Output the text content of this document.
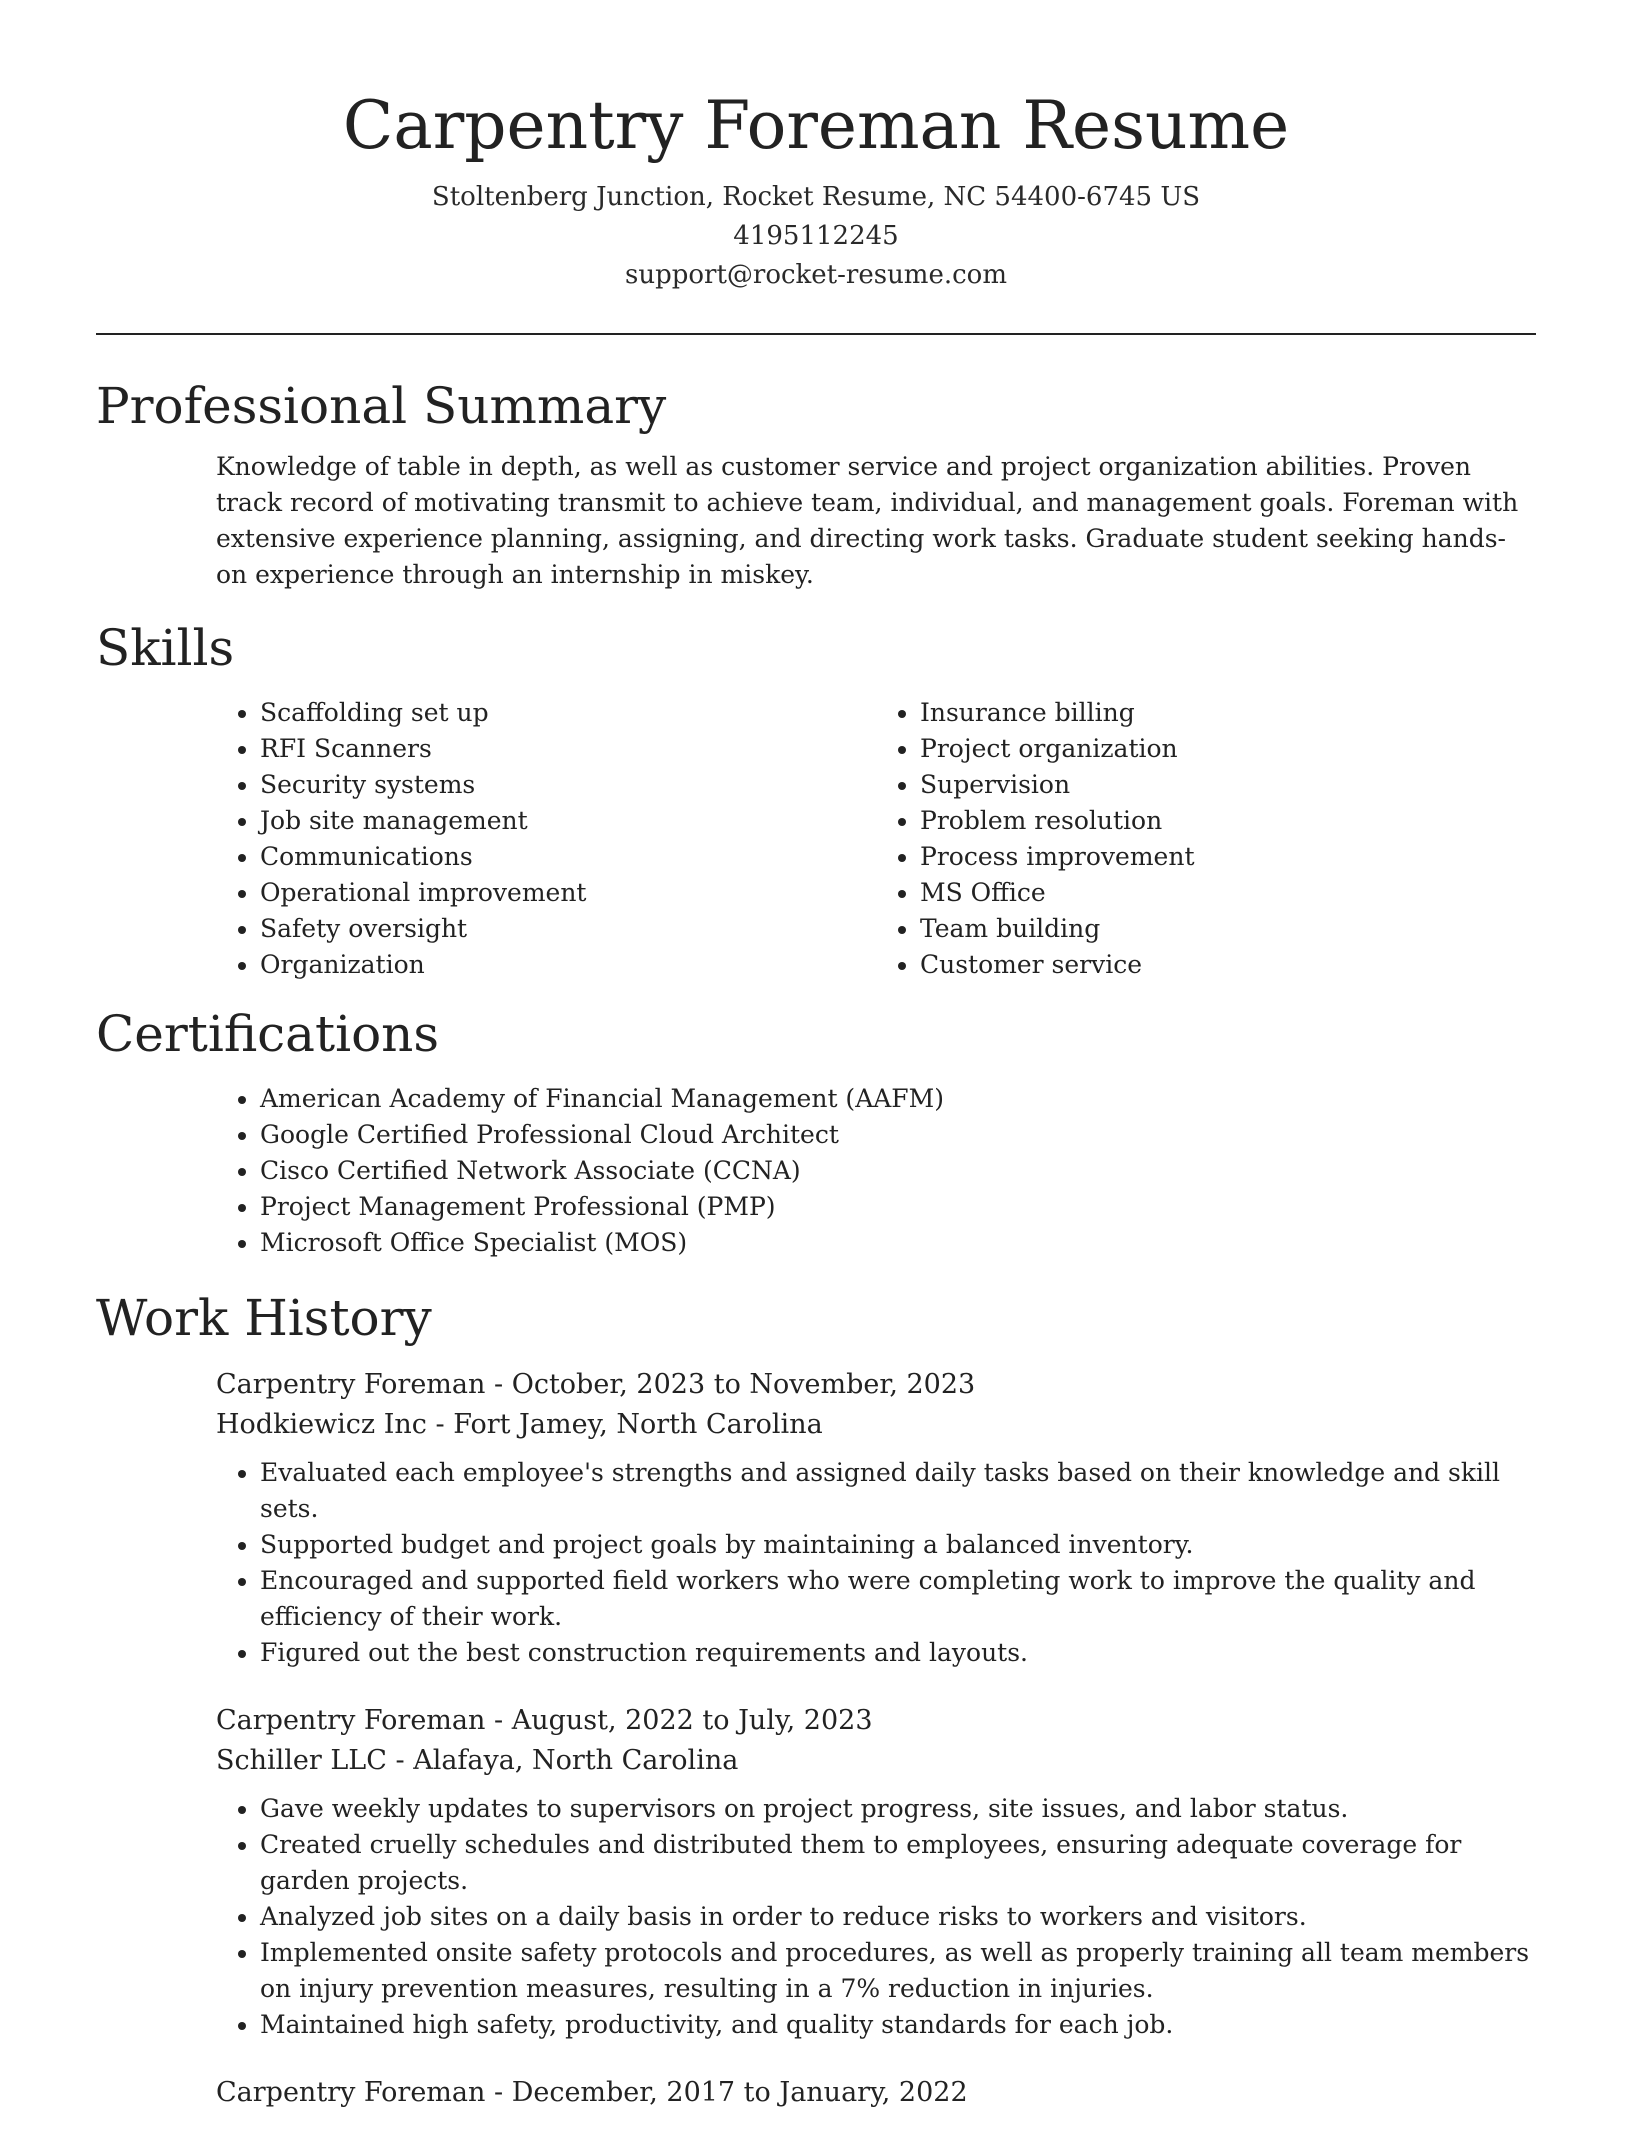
Carpentry Foreman Resume
Stoltenberg Junction, Rocket Resume, NC 54400-6745 US
4195112245
support@rocket-resume.com
Professional Summary

Knowledge of table in depth, as well as customer service and project organization abilities. Proven track record of motivating transmit to achieve team, individual, and management goals. Foreman with extensive experience planning, assigning, and directing work tasks. Graduate student seeking hands-on experience through an internship in miskey.

Skills
• Scaffolding set up
• RFI Scanners
• Security systems
• Job site management
• Communications
• Operational improvement
• Safety oversight
• Organization
• Insurance billing
• Project organization
• Supervision
• Problem resolution
• Process improvement
• MS Office
• Team building
• Customer service
Certifications
• American Academy of Financial Management (AAFM)
• Google Certified Professional Cloud Architect
• Cisco Certified Network Associate (CCNA)
• Project Management Professional (PMP)
• Microsoft Office Specialist (MOS)
Work History
Carpentry Foreman - October, 2023 to November, 2023
Hodkiewicz Inc - Fort Jamey, North Carolina
• Evaluated each employee's strengths and assigned daily tasks based on their knowledge and skill sets.
• Supported budget and project goals by maintaining a balanced inventory.
• Encouraged and supported field workers who were completing work to improve the quality and efficiency of their work.
• Figured out the best construction requirements and layouts.
Carpentry Foreman - August, 2022 to July, 2023
Schiller LLC - Alafaya, North Carolina
• Gave weekly updates to supervisors on project progress, site issues, and labor status.
• Created cruelly schedules and distributed them to employees, ensuring adequate coverage for garden projects.
• Analyzed job sites on a daily basis in order to reduce risks to workers and visitors.
• Implemented onsite safety protocols and procedures, as well as properly training all team members on injury prevention measures, resulting in a 7% reduction in injuries.
• Maintained high safety, productivity, and quality standards for each job.
Carpentry Foreman - December, 2017 to January, 2022
